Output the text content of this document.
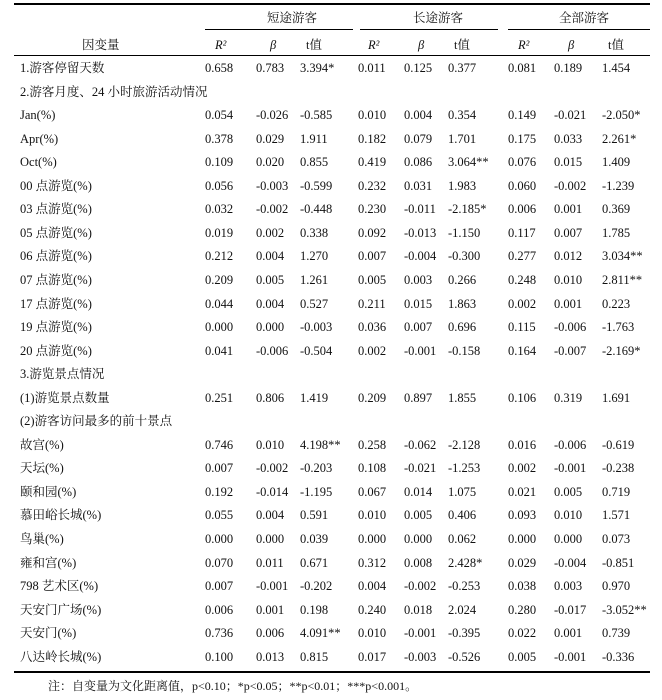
短途游客	长途游客	全部游客
因变量	R²	β t值	R²	β t值	R²	β	t值
1.游客停留天数	0.658 0.783 3.394* 0.011 0.125 0.377	0.081 0.189 1.454
2.游客月度、24 小时旅游活动情况
Jan(%)	0.054 -0.026 -0.585 0.010 0.004 0.354	0.149 -0.021 -2.050*
Apr(%)	0.378 0.029 1.911 0.182 0.079 1.701	0.175 0.033 2.261*
Oct(%)	0.109 0.020 0.855 0.419 0.086 3.064** 0.076 0.015 1.409
00 点游览(%)	0.056 -0.003 -0.599 0.232 0.031 1.983	0.060 -0.002 -1.239
03 点游览(%)	0.032 -0.002 -0.448 0.230 -0.011 -2.185* 0.006 0.001 0.369
05 点游览(%)	0.019 0.002 0.338 0.092 -0.013 -1.150 0.117 0.007 1.785
06 点游览(%)	0.212 0.004 1.270 0.007 -0.004 -0.300 0.277 0.012 3.034**
07 点游览(%)	0.209 0.005 1.261 0.005 0.003 0.266	0.248 0.010 2.811**
17 点游览(%)	0.044 0.004 0.527 0.211 0.015 1.863	0.002 0.001 0.223
19 点游览(%)	0.000 0.000 -0.003 0.036 0.007 0.696	0.115 -0.006 -1.763
20 点游览(%)	0.041 -0.006 -0.504 0.002 -0.001 -0.158 0.164 -0.007 -2.169*
3.游览景点情况
(1)游览景点数量	0.251 0.806 1.419 0.209 0.897 1.855	0.106 0.319 1.691
(2)游客访问最多的前十景点
故宫(%)	0.746 0.010 4.198** 0.258 -0.062 -2.128 0.016 -0.006 -0.619
天坛(%)	0.007 -0.002 -0.203 0.108 -0.021 -1.253 0.002 -0.001 -0.238
颐和园(%)	0.192 -0.014 -1.195 0.067 0.014 1.075	0.021 0.005 0.719
慕田峪长城(%)	0.055 0.004 0.591 0.010 0.005 0.406	0.093 0.010 1.571
鸟巢(%)	0.000 0.000 0.039 0.000 0.000 0.062	0.000 0.000 0.073
雍和宫(%)	0.070 0.011 0.671 0.312 0.008 2.428* 0.029 -0.004 -0.851
798 艺术区(%)	0.007 -0.001 -0.202 0.004 -0.002 -0.253 0.038 0.003 0.970
天安门广场(%)	0.006 0.001 0.198 0.240 0.018 2.024	0.280 -0.017 -3.052**
天安门(%)	0.736 0.006 4.091** 0.010 -0.001 -0.395 0.022 0.001 0.739
八达岭长城(%)	0.100 0.013 0.815 0.017 -0.003 -0.526 0.005 -0.001 -0.336
注：自变量为文化距离值，p<0.10；*p<0.05；**p<0.01；***p<0.001。
